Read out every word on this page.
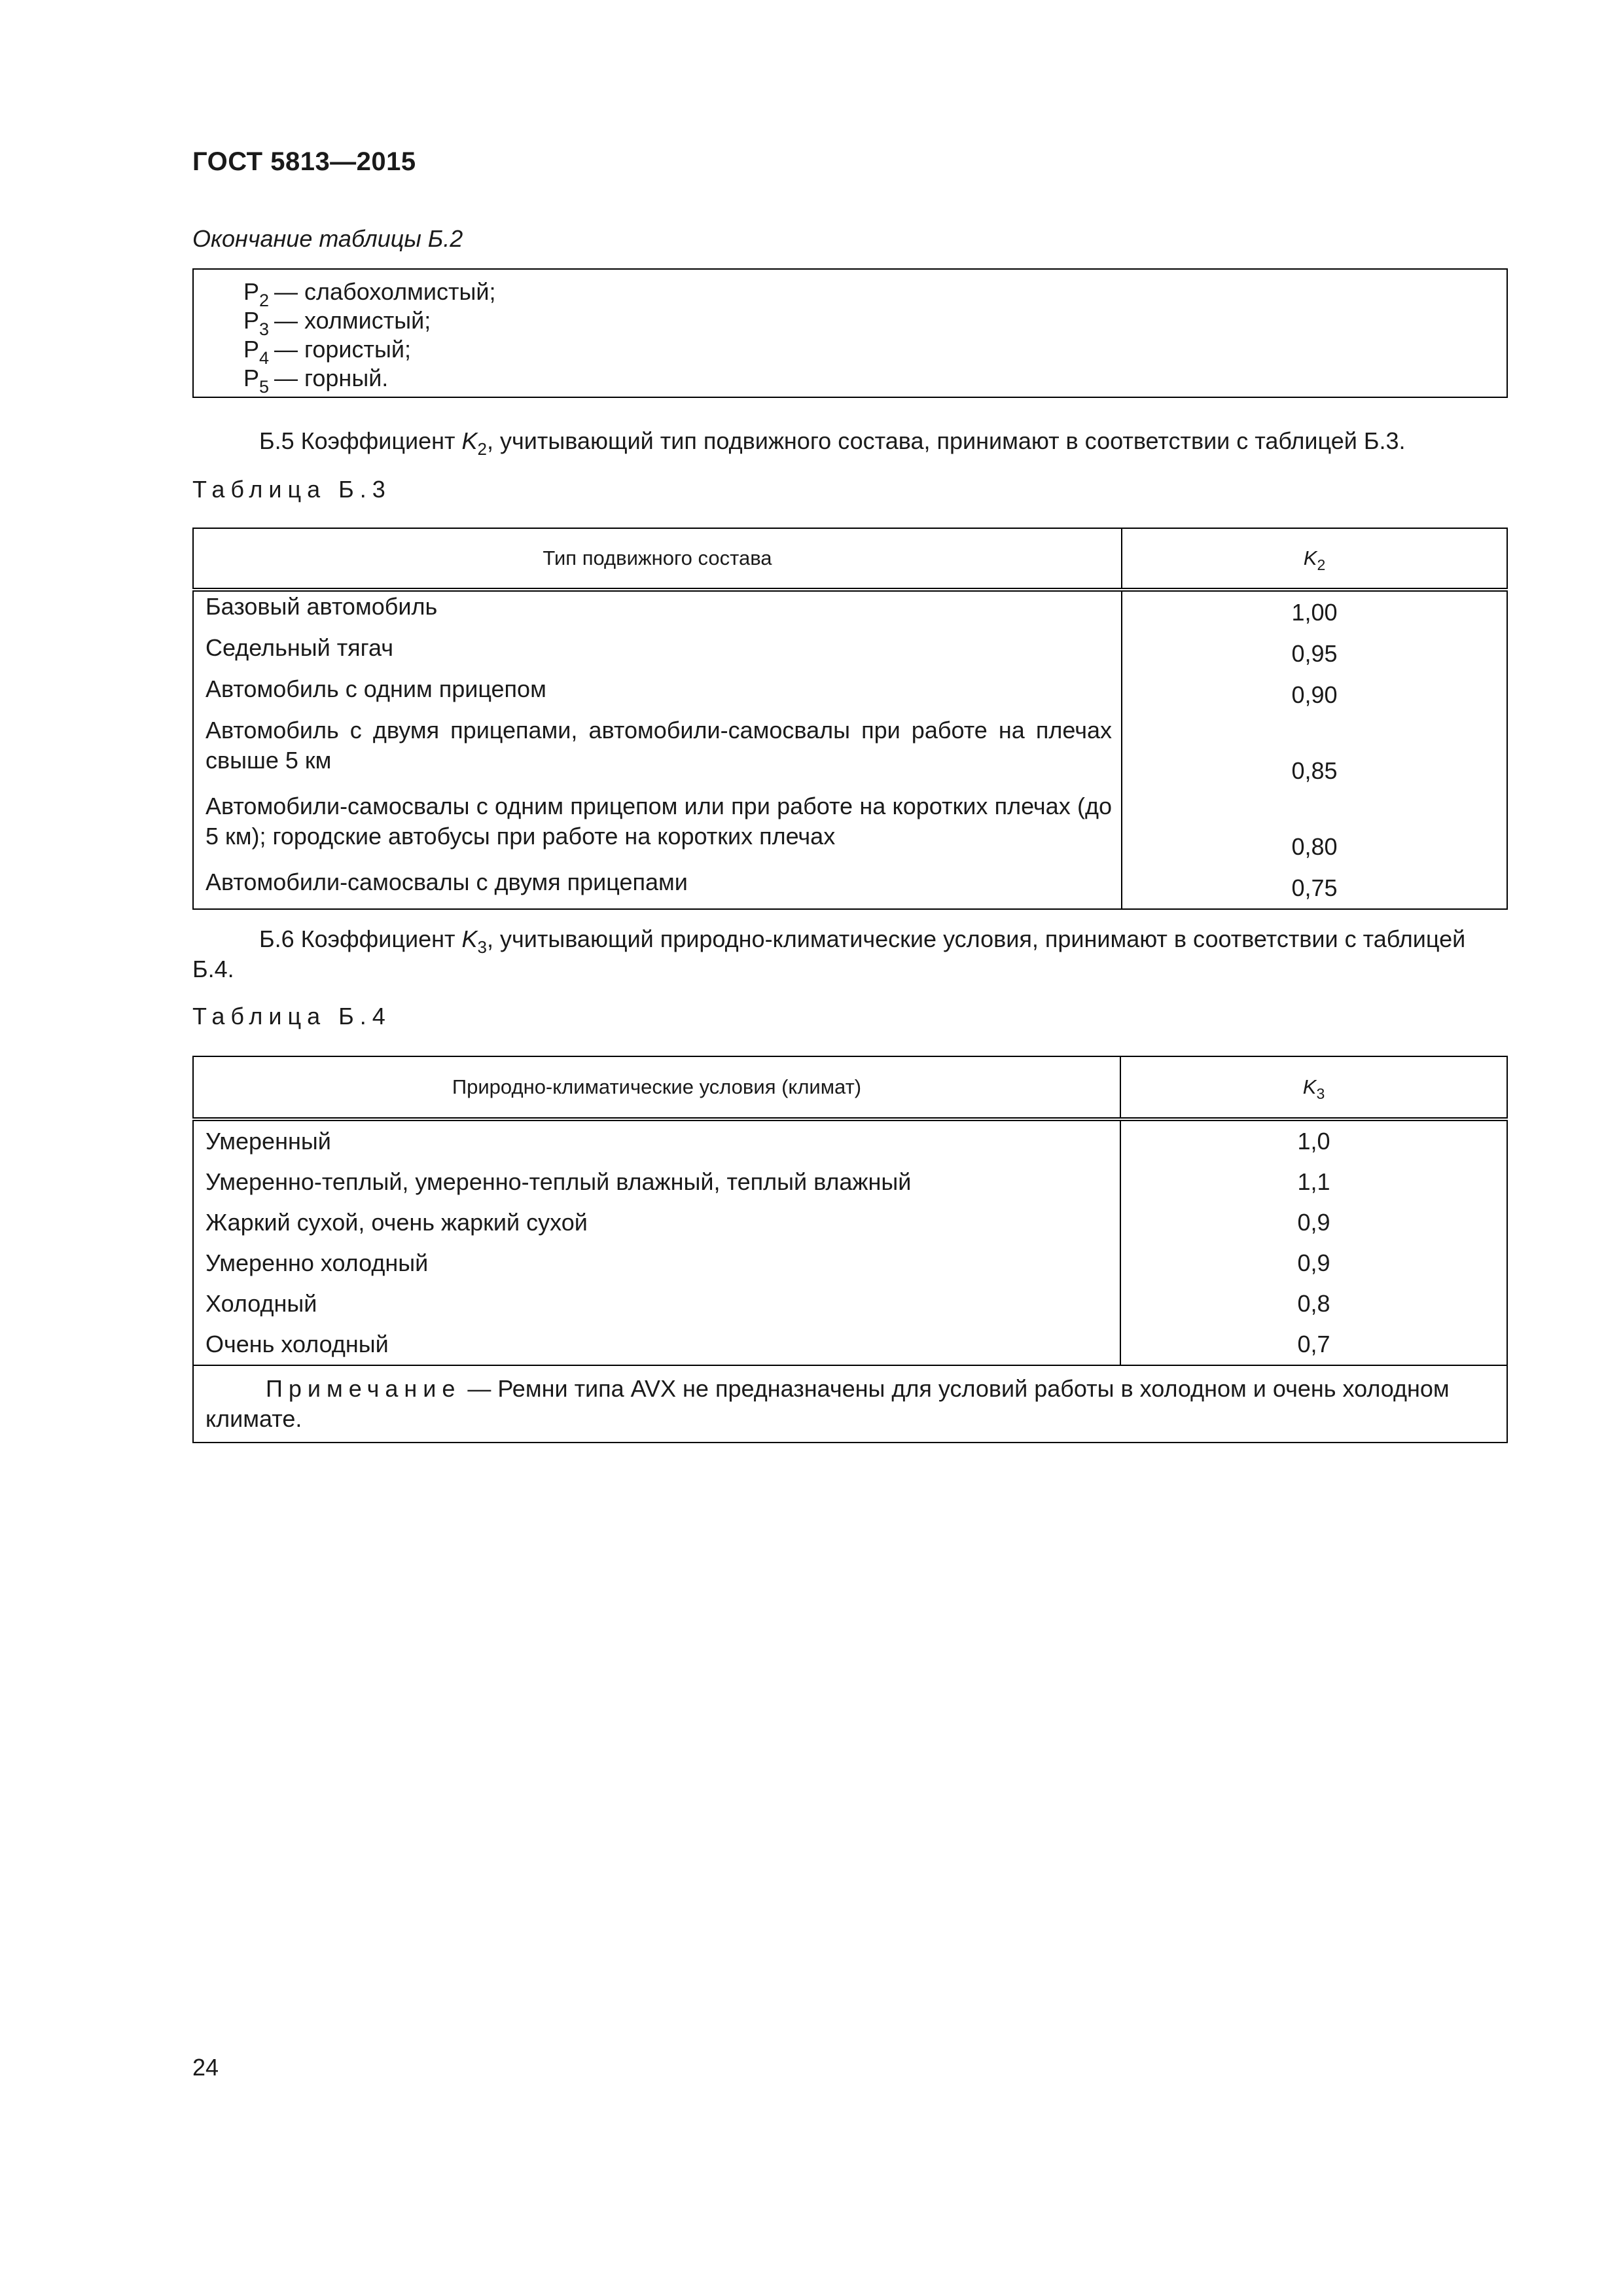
ГОСТ 5813—2015
Окончание таблицы Б.2
$Р_2$ — слабохолмистый;
$Р_3$ — холмистый;
$Р_4$ — гористый;
$Р_5$ — горный.
Б.5 Коэффициент $K_2$, учитывающий тип подвижного состава, принимают в соответствии с таблицей Б.3.
Таблица Б.3
Тип подвижного состава	$K_2$

Базовый автомобиль	1,00

Седельный тягач	0,95

Автомобиль с одним прицепом	0,90

Автомобиль с двумя прицепами, автомобили-самосвалы при работе на плечах свыше 5 км	0,85

Автомобили-самосвалы с одним прицепом или при работе на коротких плечах (до 5 км); городские автобусы при работе на коротких плечах	0,80

Автомобили-самосвалы с двумя прицепами	0,75
Б.6 Коэффициент $K_3$, учитывающий природно-климатические условия, принимают в соответствии с таблицей
Б.4.
Таблица Б.4
Природно-климатические условия (климат)	$K_3$
Умеренный	1,0
Умеренно-теплый, умеренно-теплый влажный, теплый влажный	1,1
Жаркий сухой, очень жаркий сухой	0,9
Умеренно холодный	0,9
Холодный	0,8
Очень холодный	0,7
Примечание — Ремни типа AVX не предназначены для условий работы в холодном и очень холодном климате.	
24
